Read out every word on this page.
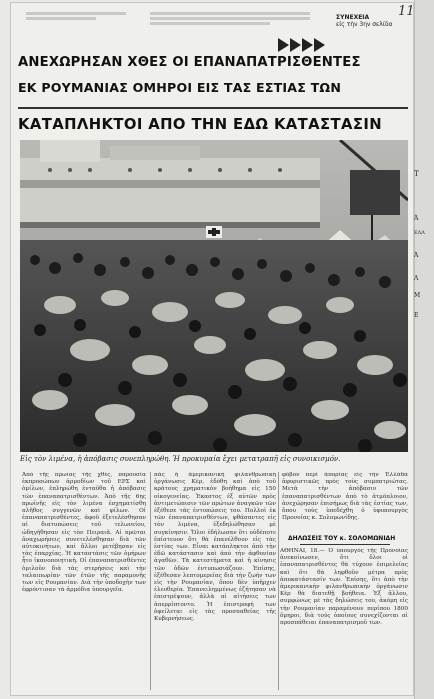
11
ΣΥΝΕΧΕΙΑ
είς τὴν 3ην σελίδα
ΑΝΕΧΩΡΗΣΑΝ ΧΘΕΣ ΟΙ ΕΠΑΝΑΠΑΤΡΙΣΘΕΝΤΕΣ
ΕΚ ΡΟΥΜΑΝΙΑΣ ΟΜΗΡΟΙ ΕΙΣ ΤΑΣ ΕΣΤΙΑΣ ΤΩΝ
ΚΑΤΑΠΛΗΚΤΟΙ ΑΠΟ ΤΗΝ ΕΔΩ ΚΑΤΑΣΤΑΣΙΝ
Εἰς τὸν λιμένα, ἡ ἀπόβασις συνεπληρώθη. Ἡ προκυμαία ἔχει μετατραπῆ εἰς συνοικισμόν.
Ἀπὸ τῆς πρωΐας τῆς χθές, παρουσία ἐκπροσώπων ἁρμοδίων τοῦ ΕΡΣ καὶ ὁμίλων, ἐπληρώθη ἐνταῦθα ἡ ἀπόβασις τῶν ἐπαναπατρισθέντων. Ἀπὸ τῆς 6ης πρωϊνῆς εἰς τὸν λιμένα ἐσχηματίσθη πλῆθος συγγενῶν καὶ φίλων. Οἱ ἐπαναπατρισθέντες, ἀφοῦ ἐξετελέσθησαν αἱ διατυπώσεις τοῦ τελωνείου, ὡδηγήθησαν εἰς τὸν Πειραιᾶ. Αἱ πρῶται ἀναχωρήσεις συνετελέσθησαν διὰ τῶν αὐτοκινήτων, καὶ ἄλλοι μετέβησαν εἰς τὰς ἐπαρχίας. Ἡ καταστάσις τῶν ὁμήρων ἦτο ἱκανοποιητική. Οἱ ἐπαναπατρισθέντες ὁμιλοῦν διὰ τὰς στερήσεις καὶ τὴν ταλαιπωρίαν τῶν ἐτῶν τῆς παραμονῆς των εἰς Ρουμανίαν. Διὰ τὴν ὑποδοχὴν των ἐφρόντισαν τὰ ἁρμόδια ὑπουργεῖα.
πὰς ἡ ἀμερικανικὴ φιλανθρωπικὴ ὀργάνωσις Κὲρ, ἐδόθη καὶ ἀπὸ τοῦ κράτους χρηματικὸν βοήθημα εἰς 150 οἰκογενείας. Ἐκαστος ἐξ αὐτῶν πρὸς ἀντιμετώπισιν τῶν πρώτων ἀναγκῶν τῶν ἐξέθεσε τὰς ἐντυπώσεις του. Πολλοὶ ἐκ τῶν ἐπαναπατρισθέντων, φθάσαντες εἰς τὸν λιμένα, ἐξεδηλώθησαν μὲ συγκίνησιν. Ὅλοι ἐδήλωσαν ὅτι οὐδέποτε ἐπίστευον ὅτι θὰ ἐπανέλθουν εἰς τὰς ἑστίας των. Εἶναι κατάπληκτοι ἀπὸ τὴν ἐδῶ κατάστασιν καὶ ἀπὸ τὴν ἀφθονίαν ἀγαθῶν. Τὰ κατεστήματα καὶ ἡ κίνησις τῶν ὁδῶν ἐντυπωσιάζουν. Ἐπίσης, ἐξέθεσαν λεπτομερείας διὰ τὴν ζωήν των εἰς τὴν Ρουμανίαν, ὅπου δὲν ὑπῆρχεν ἐλευθερία. Ἐπανειλημμένως ἐζήτησαν νὰ ἐπιστρέψουν, ἀλλὰ αἱ αἰτήσεις των ἀπερρίπτοντο. Ἡ ἐπιστροφή των ὀφείλεται εἰς τὰς προσπαθείας τῆς Κυβερνήσεως.
φόβον περὶ ἀπορίας εἰς τὴν Ἑλλάδα ἀφοριστικῶς πρὸς τοὺς συμπατριώτας. Μετὰ τὴν ἀπόβασιν τῶν ἐπαναπατρισθέντων ἀπὸ τὸ ἀτμόπλοιον, ἀνεχώρησαν ἐπισήμως διὰ τὰς ἑστίας των, ὅπου τοὺς ὑπεδέχθη ὁ ὑφυπουργὸς Προνοίας κ. Σολομωνίδης.
ΔΗΛΩΣΕΙΣ ΤΟΥ κ. ΣΟΛΟΜΩΝΙΔΗ
ΑΘΗΝΑΙ, 18.— Ὁ ὑπουργὸς τῆς Προνοίας ἀνεκοίνωσεν, ὅτι ὅλοι οἱ ἐπαναπατρισθέντες θὰ τύχουν ἐπιμελείας καὶ ὅτι θὰ ληφθοῦν μέτρα πρὸς ἀποκατάστασίν των. Ἐπίσης, ὅτι ἀπὸ τὴν ἀμερικανικὴν φιλανθρωπικὴν ὀργάνωσιν Κὲρ θὰ διατεθῇ βοήθεια. Ἐξ ἄλλου, συμφώνως μὲ τὰς δηλώσεις του, ἀκόμη εἰς τὴν Ρουμανίαν παραμένουν περίπου 1800 ὅμηροι, διὰ τοὺς ὁποίους συνεχίζονται αἱ προσπάθειαι ἐπαναπατρισμοῦ των.
Τ
Ἀ
ΕΛΛ
Ἀ
Λ
Μ
Ε
